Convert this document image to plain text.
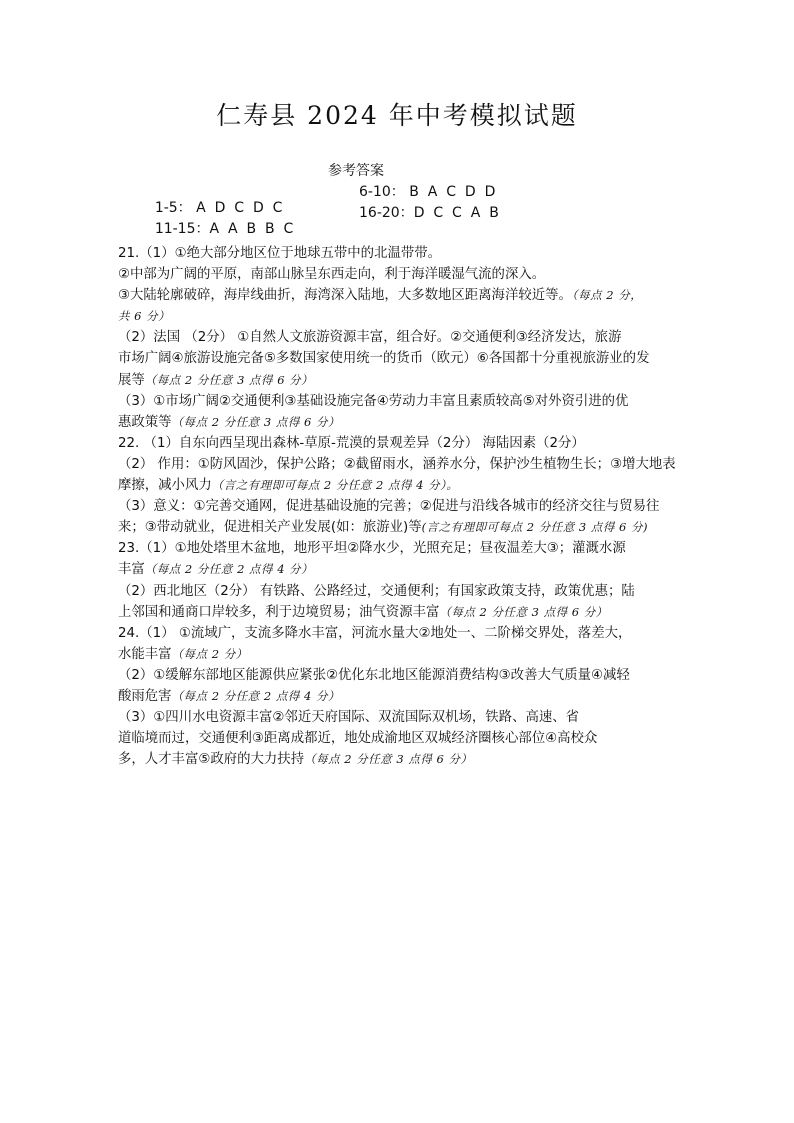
仁寿县 2024 年中考模拟试题
参考答案

1-5： A  D  C  D  C

6-10： B  A  C  D  D

11-15：A  A  B  B  C

16-20：D  C  C  A  B

21.（1）①绝大部分地区位于地球五带中的北温带带。
②中部为广阔的平原，南部山脉呈东西走向，利于海洋暖湿气流的深入。
③大陆轮廓破碎，海岸线曲折，海湾深入陆地，大多数地区距离海洋较近等。（每点 2 分，
共 6 分）
（2）法国 （2分） ①自然人文旅游资源丰富，组合好。②交通便利③经济发达，旅游
市场广阔④旅游设施完备⑤多数国家使用统一的货币（欧元）⑥各国都十分重视旅游业的发
展等（每点 2 分任意 3 点得 6 分）
（3）①市场广阔②交通便利③基础设施完备④劳动力丰富且素质较高⑤对外资引进的优
惠政策等（每点 2 分任意 3 点得 6 分）
22. （1）自东向西呈现出森林-草原-荒漠的景观差异（2分） 海陆因素（2分）
（2） 作用：①防风固沙，保护公路；②截留雨水，涵养水分，保护沙生植物生长；③增大地表
摩擦，减小风力（言之有理即可每点 2 分任意 2 点得 4 分）。
（3）意义：①完善交通网，促进基础设施的完善；②促进与沿线各城市的经济交往与贸易往
来；③带动就业，促进相关产业发展(如：旅游业)等(言之有理即可每点 2 分任意 3 点得 6 分)
23.（1）①地处塔里木盆地，地形平坦②降水少，光照充足；昼夜温差大③；灌溉水源
丰富（每点 2 分任意 2 点得 4 分）
（2）西北地区（2分） 有铁路、公路经过，交通便利；有国家政策支持，政策优惠；陆
上邻国和通商口岸较多，利于边境贸易；油气资源丰富（每点 2 分任意 3 点得 6 分）
24.（1） ①流域广，支流多降水丰富，河流水量大②地处一、二阶梯交界处，落差大，
水能丰富（每点 2 分）
（2）①缓解东部地区能源供应紧张②优化东北地区能源消费结构③改善大气质量④减轻
酸雨危害（每点 2 分任意 2 点得 4 分）
（3）①四川水电资源丰富②邻近天府国际、双流国际双机场，铁路、高速、省
道临境而过，交通便利③距离成都近，地处成渝地区双城经济圈核心部位④高校众
多，人才丰富⑤政府的大力扶持（每点 2 分任意 3 点得 6 分）
